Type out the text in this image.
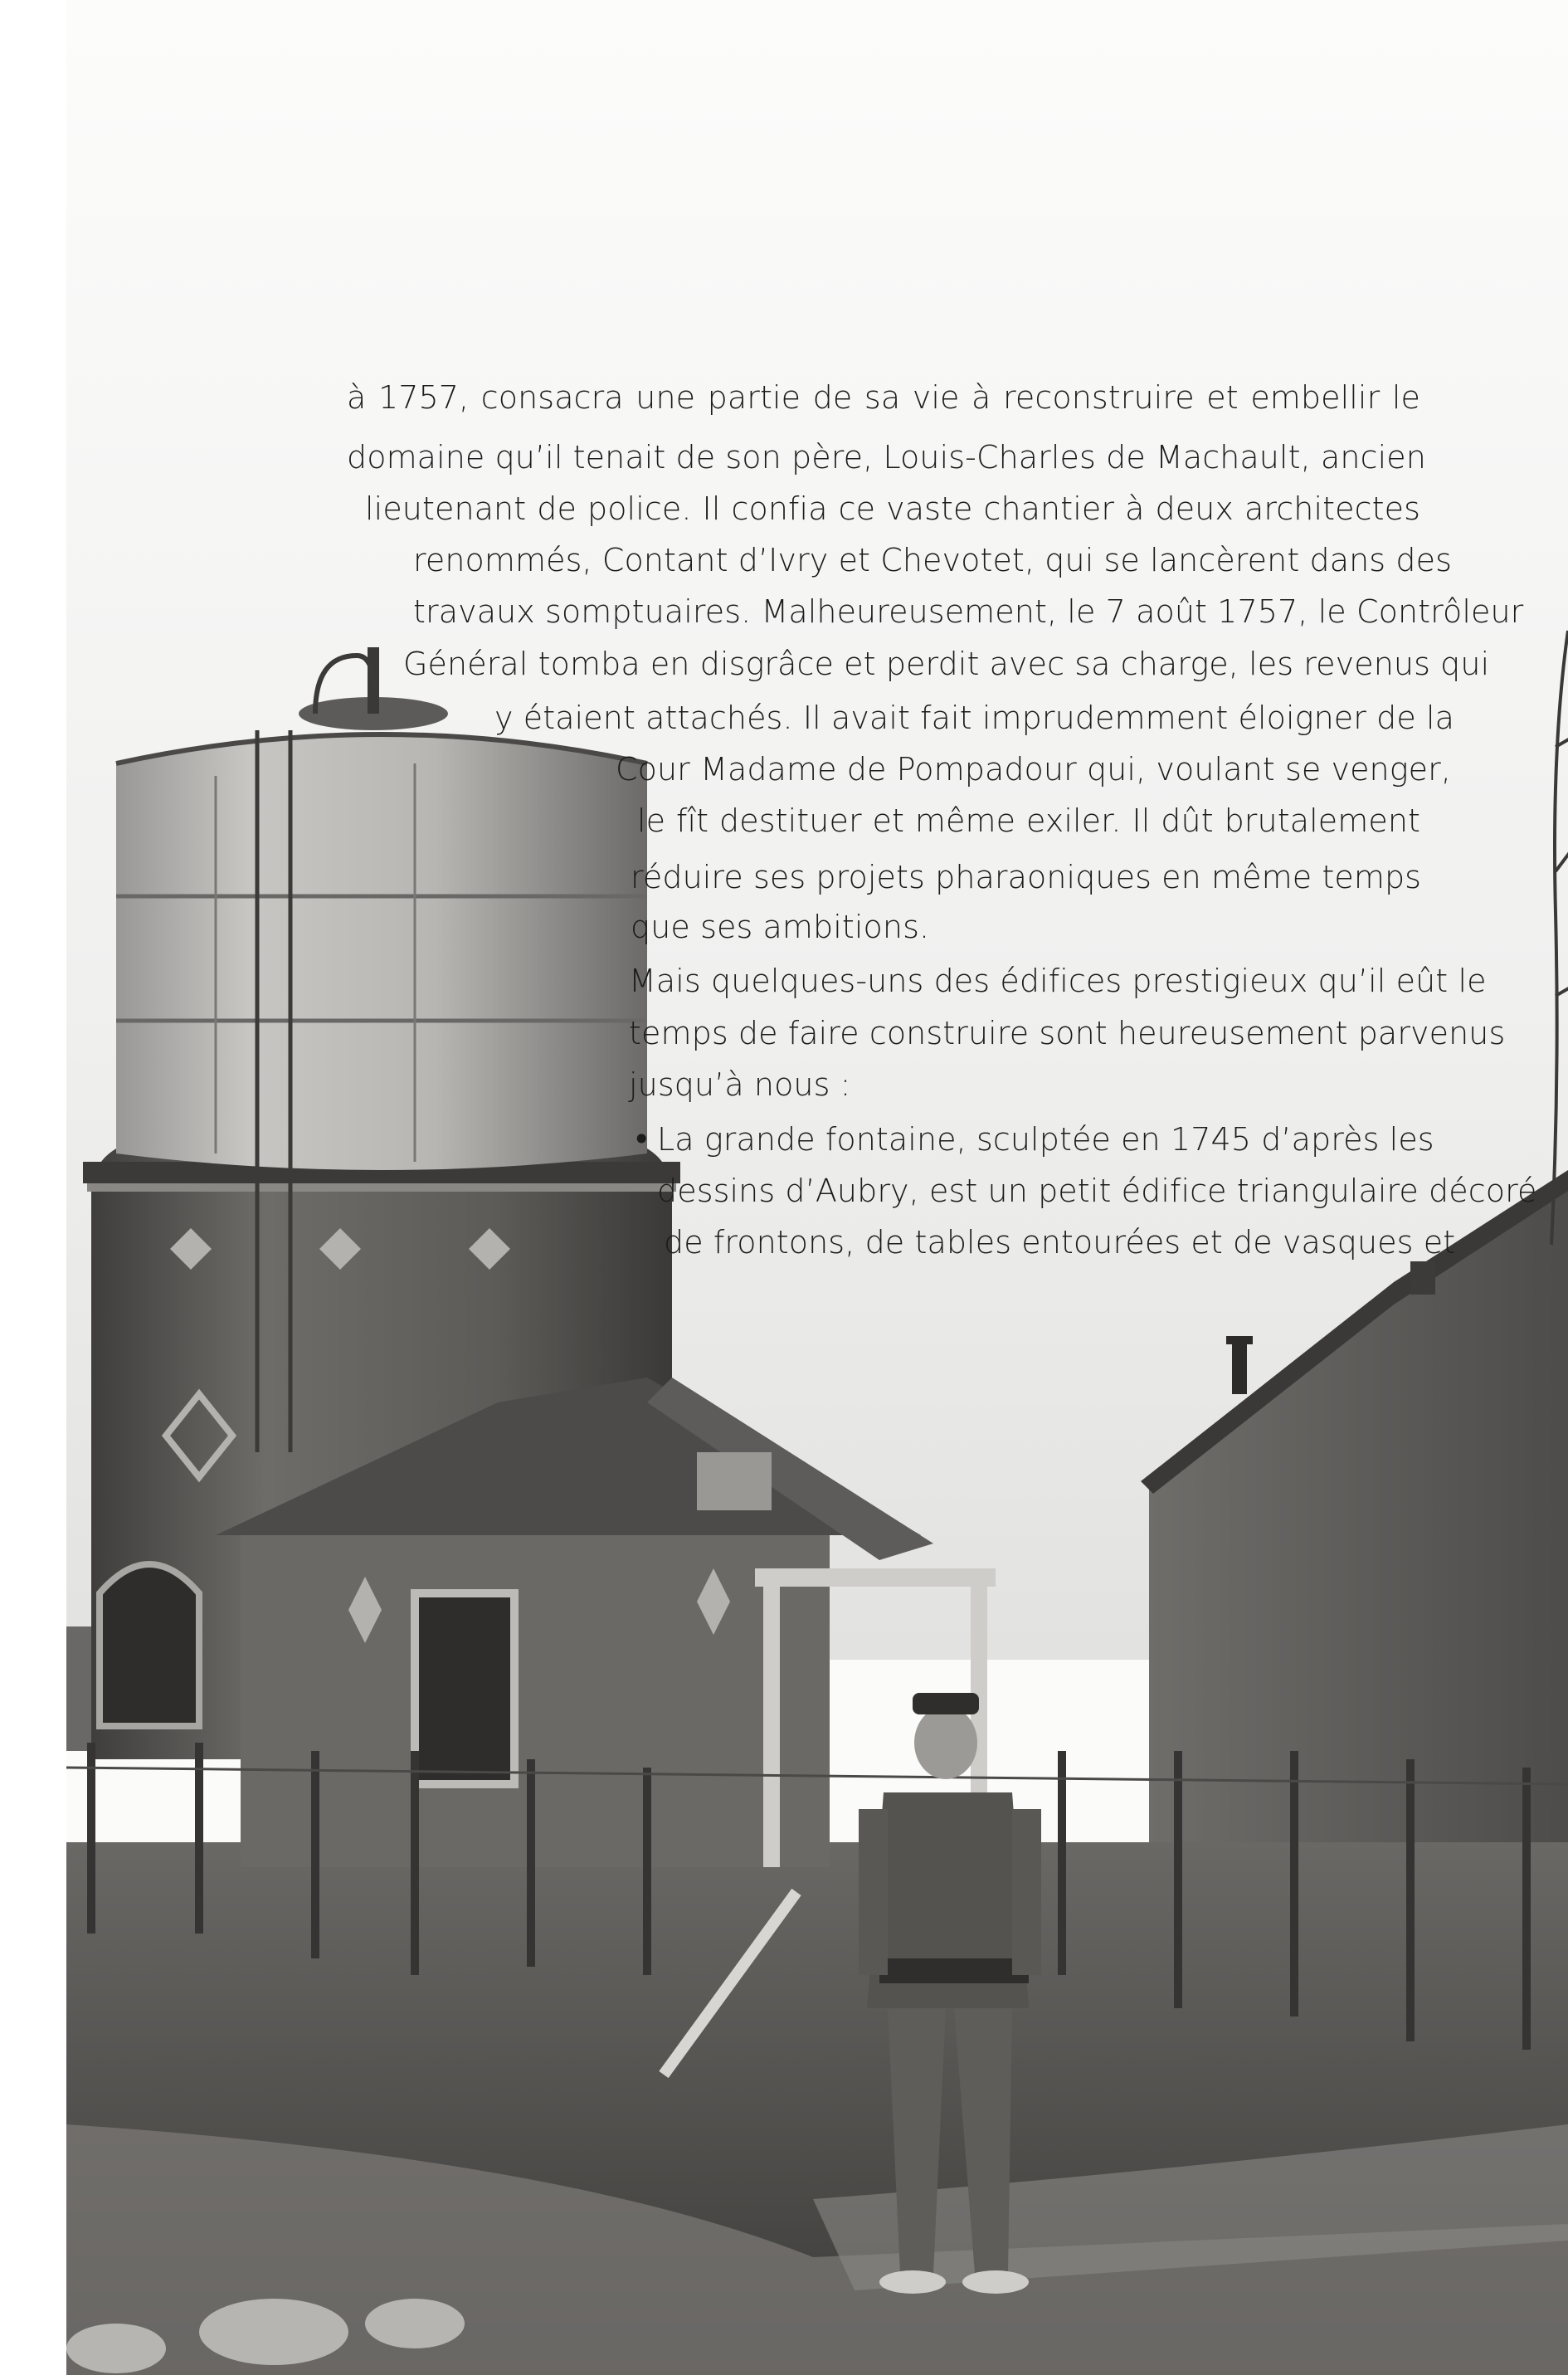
à 1757, consacra une partie de sa vie à reconstruire et embellir le
domaine qu’il tenait de son père, Louis-Charles de Machault, ancien
lieutenant de police. Il confia ce vaste chantier à deux architectes
renommés, Contant d’Ivry et Chevotet, qui se lancèrent dans des
travaux somptuaires. Malheureusement, le 7 août 1757, le Contrôleur
Général tomba en disgrâce et perdit avec sa charge, les revenus qui
y étaient attachés. Il avait fait imprudemment éloigner de la
Cour Madame de Pompadour qui, voulant se venger,
le fît destituer et même exiler. Il dût brutalement
réduire ses projets pharaoniques en même temps
que ses ambitions.
Mais quelques-uns des édifices prestigieux qu’il eût le
temps de faire construire sont heureusement parvenus
jusqu’à nous :
• La grande fontaine, sculptée en 1745 d’après les
dessins d’Aubry, est un petit édifice triangulaire décoré
de frontons, de tables entourées et de vasques et
